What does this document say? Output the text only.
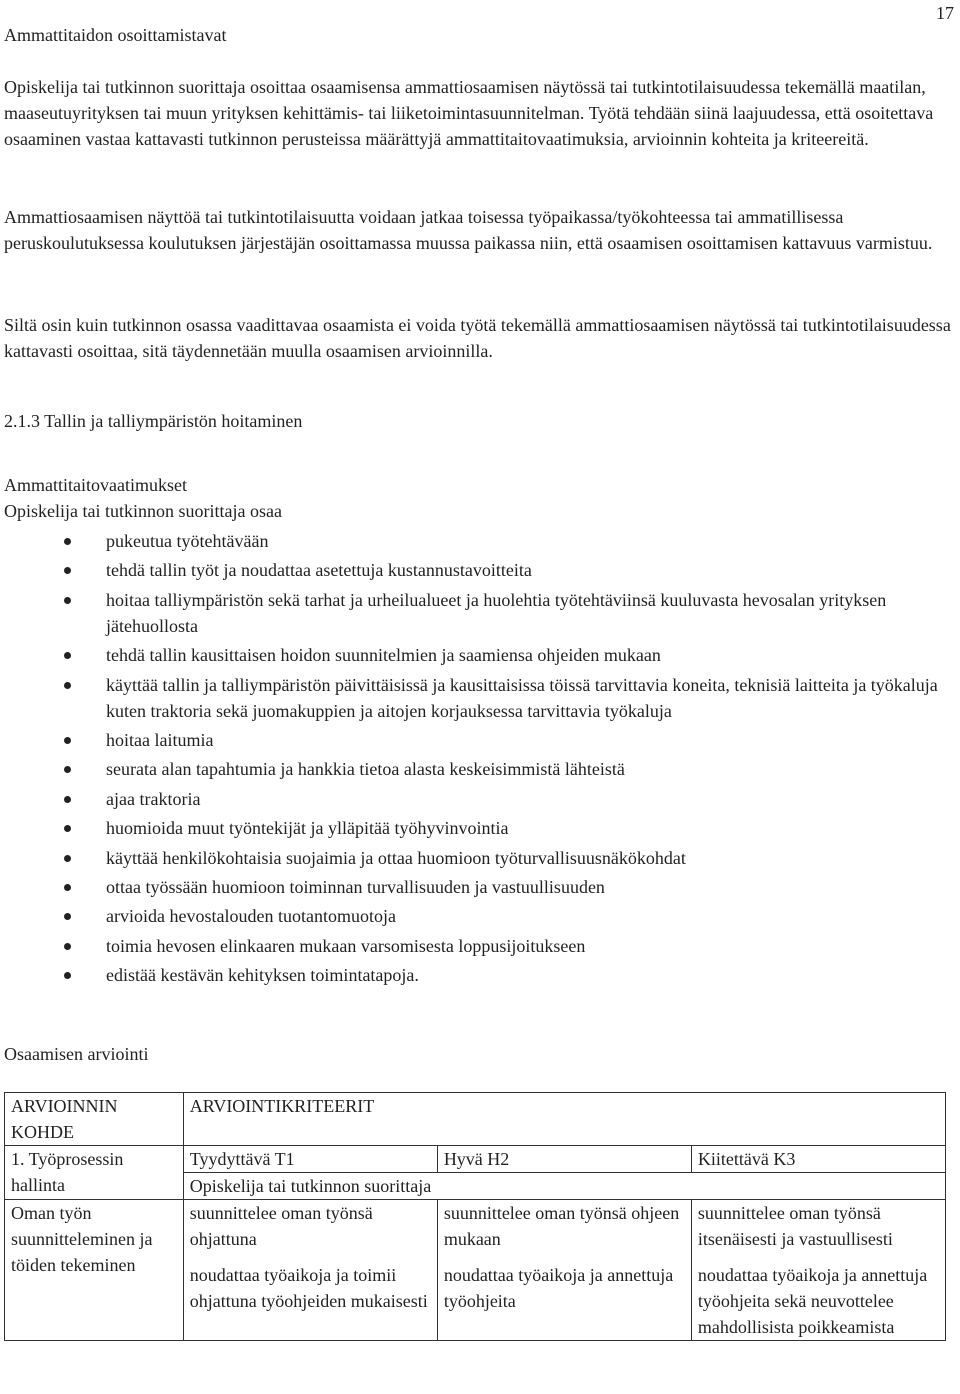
17
Ammattitaidon osoittamistavat

Opiskelija tai tutkinnon suorittaja osoittaa osaamisensa ammattiosaamisen näytössä tai tutkintotilaisuudessa tekemällä maatilan, maaseutuyrityksen tai muun yrityksen kehittämis- tai liiketoimintasuunnitelman. Työtä tehdään siinä laajuudessa, että osoitettava osaaminen vastaa kattavasti tutkinnon perusteissa määrättyjä ammattitaitovaatimuksia, arvioinnin kohteita ja kriteereitä.

Ammattiosaamisen näyttöä tai tutkintotilaisuutta voidaan jatkaa toisessa työpaikassa/työkohteessa tai ammatillisessa peruskoulutuksessa koulutuksen järjestäjän osoittamassa muussa paikassa niin, että osaamisen osoittamisen kattavuus varmistuu.

Siltä osin kuin tutkinnon osassa vaadittavaa osaamista ei voida työtä tekemällä ammattiosaamisen näytössä tai tutkintotilaisuudessa kattavasti osoittaa, sitä täydennetään muulla osaamisen arvioinnilla.

2.1.3 Tallin ja talliympäristön hoitaminen
Ammattitaitovaatimukset
Opiskelija tai tutkinnon suorittaja osaa
pukeutua työtehtävään
tehdä tallin työt ja noudattaa asetettuja kustannustavoitteita
hoitaa talliympäristön sekä tarhat ja urheilualueet ja huolehtia työtehtäviinsä kuuluvasta hevosalan yrityksen jätehuollosta
tehdä tallin kausittaisen hoidon suunnitelmien ja saamiensa ohjeiden mukaan
käyttää tallin ja talliympäristön päivittäisissä ja kausittaisissa töissä tarvittavia koneita, teknisiä laitteita ja työkaluja kuten traktoria sekä juomakuppien ja aitojen korjauksessa tarvittavia työkaluja
hoitaa laitumia
seurata alan tapahtumia ja hankkia tietoa alasta keskeisimmistä lähteistä
ajaa traktoria
huomioida muut työntekijät ja ylläpitää työhyvinvointia
käyttää henkilökohtaisia suojaimia ja ottaa huomioon työturvallisuusnäkökohdat
ottaa työssään huomioon toiminnan turvallisuuden ja vastuullisuuden
arvioida hevostalouden tuotantomuotoja
toimia hevosen elinkaaren mukaan varsomisesta loppusijoitukseen
edistää kestävän kehityksen toimintatapoja.
Osaamisen arviointi
ARVIOINNIN KOHDE	ARVIOINTIKRITEERIT		
1. Työprosessin hallinta	Tyydyttävä T1	Hyvä H2	Kiitettävä K3
	Opiskelija tai tutkinnon suorittaja		
Oman työn suunnitteleminen ja töiden tekeminen	suunnittelee oman työnsä ohjattuna	suunnittelee oman työnsä ohjeen mukaan	suunnittelee oman työnsä itsenäisesti ja vastuullisesti
	noudattaa työaikoja ja toimii ohjattuna työohjeiden mukaisesti	noudattaa työaikoja ja annettuja työohjeita	noudattaa työaikoja ja annettuja työohjeita sekä neuvottelee mahdollisista poikkeamista
